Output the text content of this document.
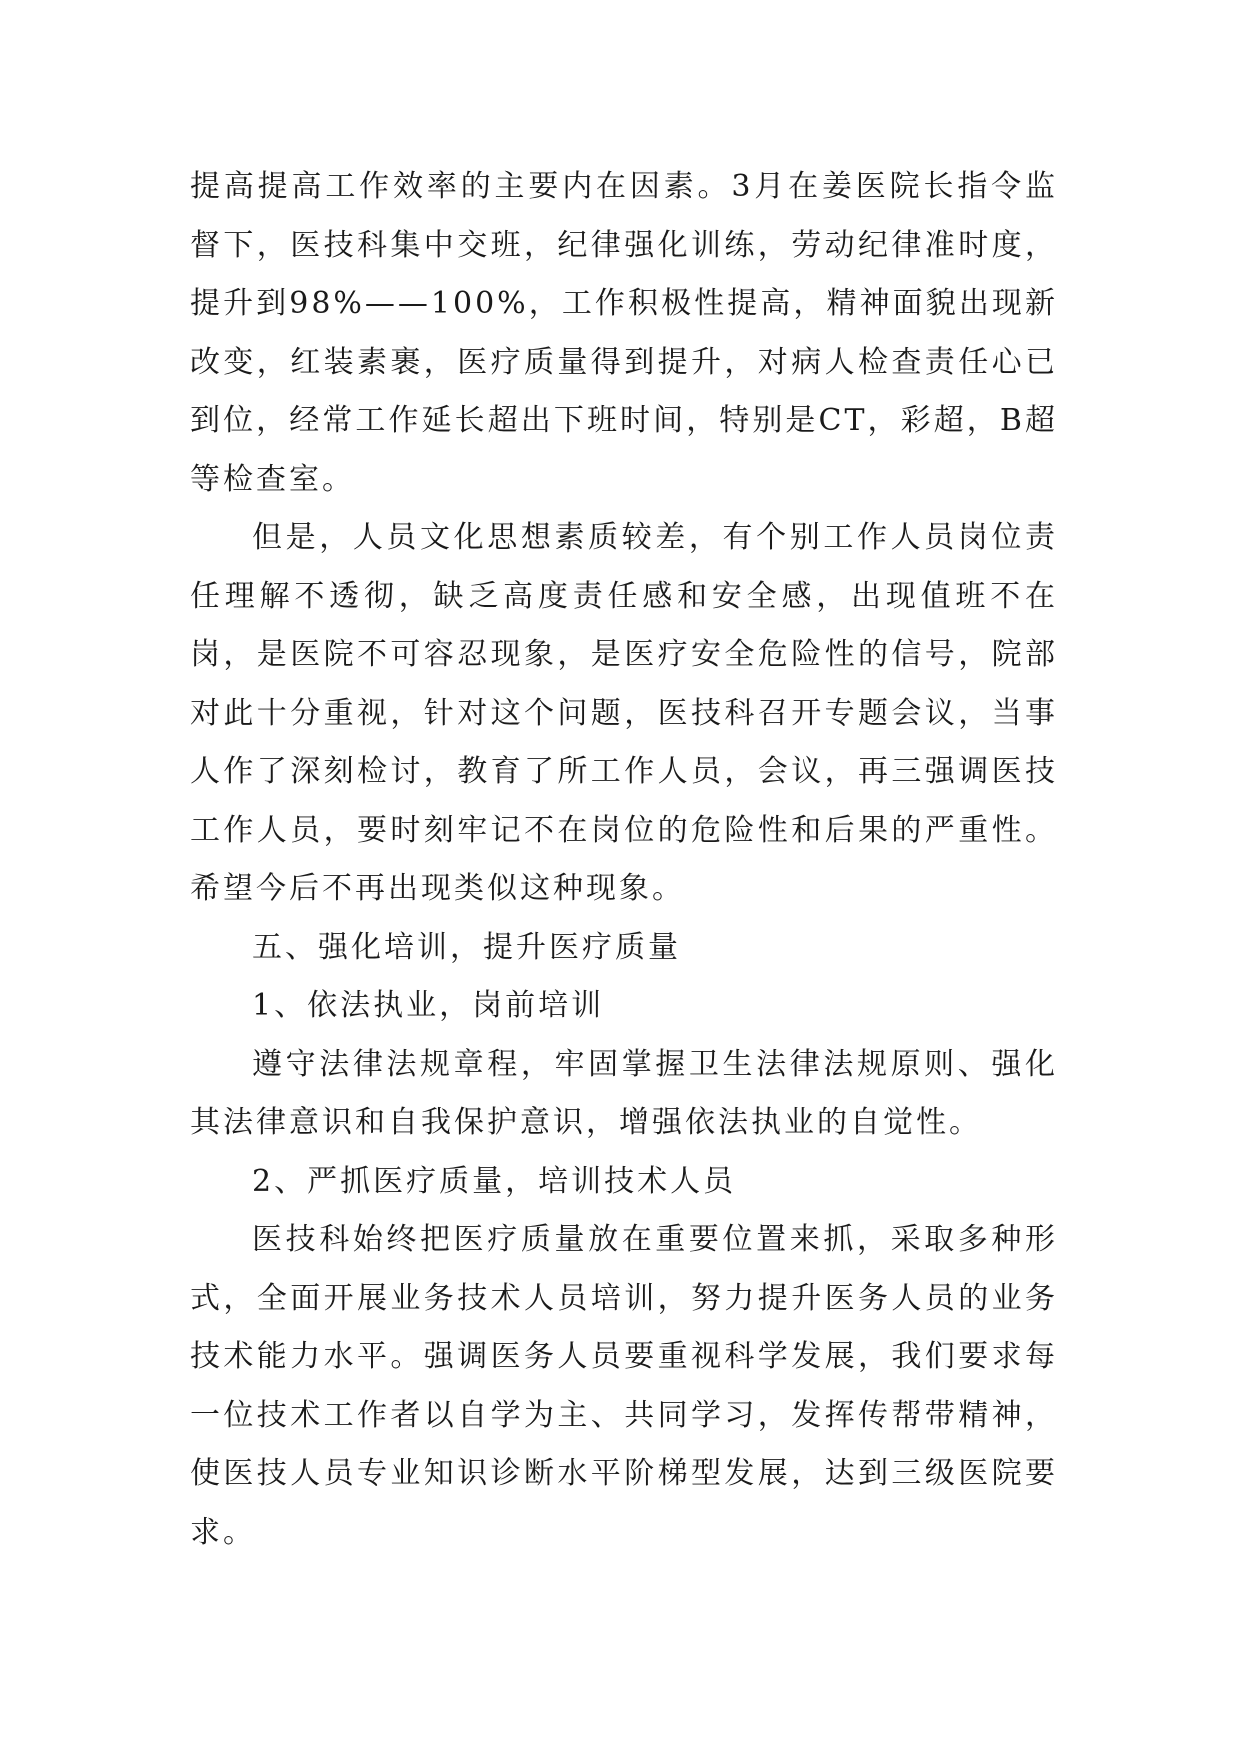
提高提高工作效率的主要内在因素。3月在姜医院长指令监督下，医技科集中交班，纪律强化训练，劳动纪律准时度，提升到98%——100%，工作积极性提高，精神面貌出现新改变，红装素裹，医疗质量得到提升，对病人检查责任心已到位，经常工作延长超出下班时间，特别是CT，彩超，B超等检查室。

但是，人员文化思想素质较差，有个别工作人员岗位责任理解不透彻，缺乏高度责任感和安全感，出现值班不在岗，是医院不可容忍现象，是医疗安全危险性的信号，院部对此十分重视，针对这个问题，医技科召开专题会议，当事人作了深刻检讨，教育了所工作人员，会议，再三强调医技工作人员，要时刻牢记不在岗位的危险性和后果的严重性。希望今后不再出现类似这种现象。

五、强化培训，提升医疗质量

1、依法执业，岗前培训

遵守法律法规章程，牢固掌握卫生法律法规原则、强化其法律意识和自我保护意识，增强依法执业的自觉性。

2、严抓医疗质量，培训技术人员

医技科始终把医疗质量放在重要位置来抓，采取多种形式，全面开展业务技术人员培训，努力提升医务人员的业务技术能力水平。强调医务人员要重视科学发展，我们要求每一位技术工作者以自学为主、共同学习，发挥传帮带精神，使医技人员专业知识诊断水平阶梯型发展，达到三级医院要求。
